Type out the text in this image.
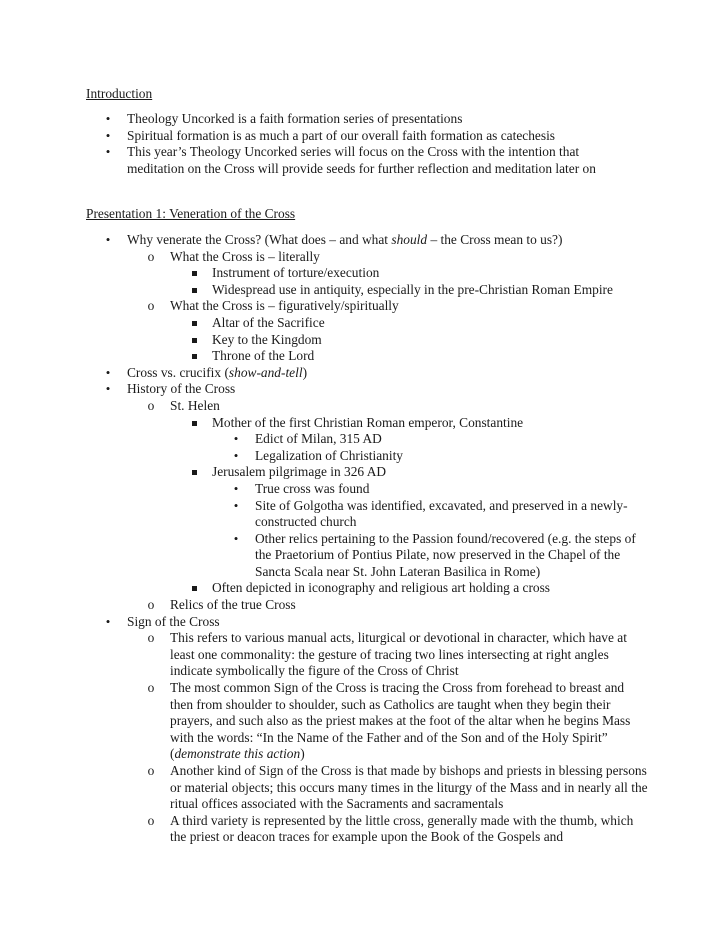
Introduction
• Theology Uncorked is a faith formation series of presentations
• Spiritual formation is as much a part of our overall faith formation as catechesis
• This year’s Theology Uncorked series will focus on the Cross with the intention that meditation on the Cross will provide seeds for further reflection and meditation later on
Presentation 1: Veneration of the Cross
• Why venerate the Cross? (What does – and what should – the Cross mean to us?)
o What the Cross is – literally
Instrument of torture/execution
Widespread use in antiquity, especially in the pre-Christian Roman Empire
o What the Cross is – figuratively/spiritually
Altar of the Sacrifice
Key to the Kingdom
Throne of the Lord
• Cross vs. crucifix (show-and-tell)
• History of the Cross
o St. Helen
Mother of the first Christian Roman emperor, Constantine
• Edict of Milan, 315 AD
• Legalization of Christianity
Jerusalem pilgrimage in 326 AD
• True cross was found
• Site of Golgotha was identified, excavated, and preserved in a newly-constructed church
• Other relics pertaining to the Passion found/recovered (e.g. the steps of the Praetorium of Pontius Pilate, now preserved in the Chapel of the Sancta Scala near St. John Lateran Basilica in Rome)
Often depicted in iconography and religious art holding a cross
o Relics of the true Cross
• Sign of the Cross
o This refers to various manual acts, liturgical or devotional in character, which have at least one commonality: the gesture of tracing two lines intersecting at right angles indicate symbolically the figure of the Cross of Christ
o The most common Sign of the Cross is tracing the Cross from forehead to breast and then from shoulder to shoulder, such as Catholics are taught when they begin their prayers, and such also as the priest makes at the foot of the altar when he begins Mass with the words: “In the Name of the Father and of the Son and of the Holy Spirit” (demonstrate this action)
o Another kind of Sign of the Cross is that made by bishops and priests in blessing persons or material objects; this occurs many times in the liturgy of the Mass and in nearly all the ritual offices associated with the Sacraments and sacramentals
o A third variety is represented by the little cross, generally made with the thumb, which the priest or deacon traces for example upon the Book of the Gospels and
